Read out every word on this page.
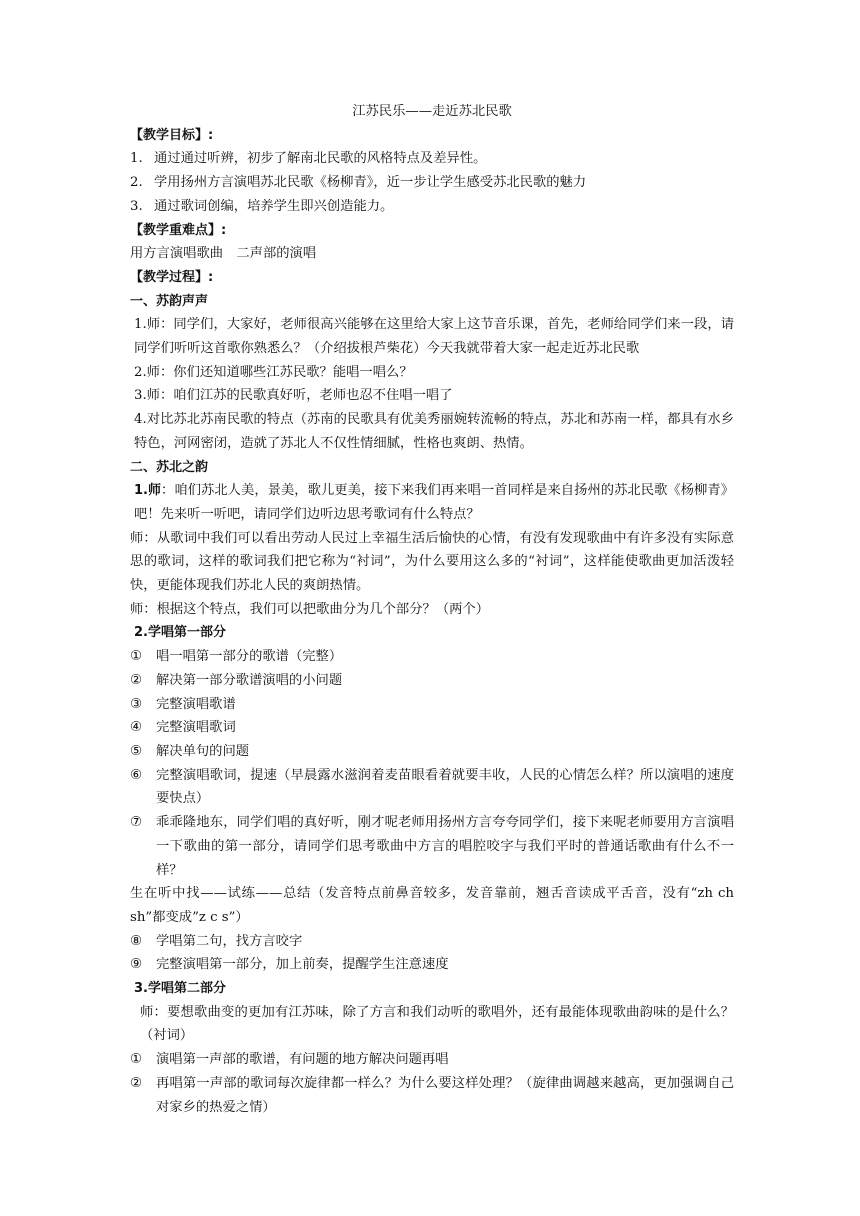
江苏民乐——走近苏北民歌
【教学目标】:
1. 通过通过听辨，初步了解南北民歌的风格特点及差异性。
2. 学用扬州方言演唱苏北民歌《杨柳青》，近一步让学生感受苏北民歌的魅力
3. 通过歌词创编，培养学生即兴创造能力。
【教学重难点】:
用方言演唱歌曲　二声部的演唱
【教学过程】:
一、苏韵声声
1.师：同学们，大家好，老师很高兴能够在这里给大家上这节音乐课，首先，老师给同学们来一段，请同学们听听这首歌你熟悉么？（介绍拔根芦柴花）今天我就带着大家一起走近苏北民歌
2.师：你们还知道哪些江苏民歌？能唱一唱么？
3.师：咱们江苏的民歌真好听，老师也忍不住唱一唱了
4.对比苏北苏南民歌的特点（苏南的民歌具有优美秀丽婉转流畅的特点，苏北和苏南一样，都具有水乡特色，河网密闭，造就了苏北人不仅性情细腻，性格也爽朗、热情。
二、苏北之韵
1.师：咱们苏北人美，景美，歌儿更美，接下来我们再来唱一首同样是来自扬州的苏北民歌《杨柳青》吧！先来听一听吧，请同学们边听边思考歌词有什么特点？
师：从歌词中我们可以看出劳动人民过上幸福生活后愉快的心情，有没有发现歌曲中有许多没有实际意思的歌词，这样的歌词我们把它称为“衬词”，为什么要用这么多的“衬词”，这样能使歌曲更加活泼轻快，更能体现我们苏北人民的爽朗热情。
师：根据这个特点，我们可以把歌曲分为几个部分？（两个）
2.学唱第一部分
①	唱一唱第一部分的歌谱（完整）
②	解决第一部分歌谱演唱的小问题
③	完整演唱歌谱
④	完整演唱歌词
⑤	解决单句的问题
⑥	完整演唱歌词，提速（早晨露水滋润着麦苗眼看着就要丰收，人民的心情怎么样？所以演唱的速度要快点）
⑦	乖乖隆地东，同学们唱的真好听，刚才呢老师用扬州方言夸夸同学们，接下来呢老师要用方言演唱一下歌曲的第一部分，请同学们思考歌曲中方言的唱腔咬字与我们平时的普通话歌曲有什么不一样？
生在听中找——试练——总结（发音特点前鼻音较多，发音靠前，翘舌音读成平舌音，没有“zh ch sh”都变成”z c s”）
⑧	学唱第二句，找方言咬字
⑨	完整演唱第一部分，加上前奏，提醒学生注意速度
3.学唱第二部分
师：要想歌曲变的更加有江苏味，除了方言和我们动听的歌唱外，还有最能体现歌曲韵味的是什么？（衬词）
①	演唱第一声部的歌谱，有问题的地方解决问题再唱
②	再唱第一声部的歌词每次旋律都一样么？为什么要这样处理？（旋律曲调越来越高，更加强调自己对家乡的热爱之情）
